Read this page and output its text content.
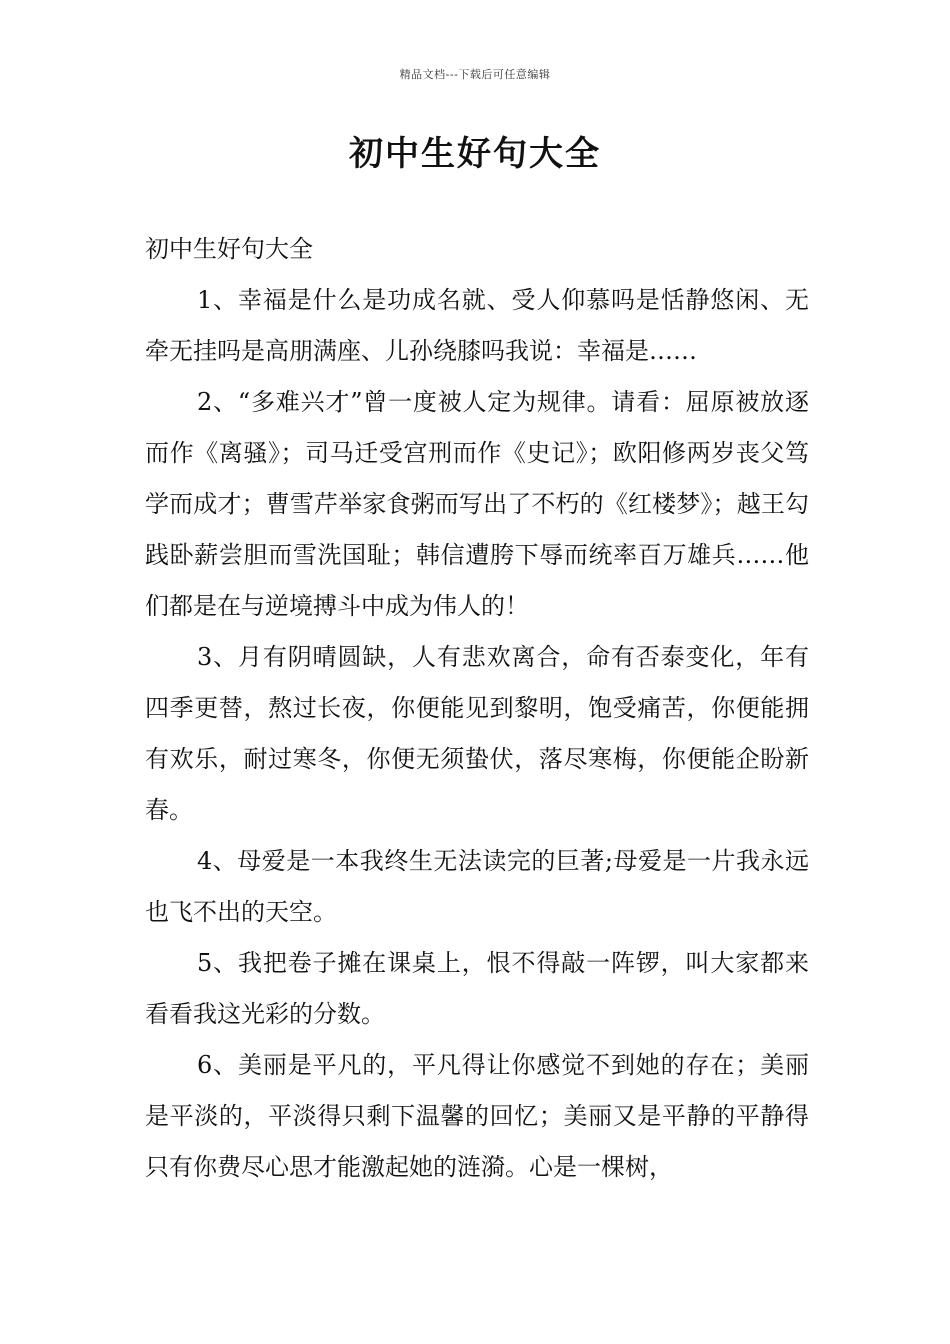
精品文档---下载后可任意编辑
初中生好句大全

初中生好句大全

1、幸福是什么是功成名就、受人仰慕吗是恬静悠闲、无牵无挂吗是高朋满座、儿孙绕膝吗我说：幸福是……

2、“多难兴才”曾一度被人定为规律。请看：屈原被放逐而作《离骚》；司马迁受宫刑而作《史记》；欧阳修两岁丧父笃学而成才；曹雪芹举家食粥而写出了不朽的《红楼梦》；越王勾践卧薪尝胆而雪洗国耻；韩信遭胯下辱而统率百万雄兵……他们都是在与逆境搏斗中成为伟人的！

3、月有阴晴圆缺，人有悲欢离合，命有否泰变化，年有四季更替，熬过长夜，你便能见到黎明，饱受痛苦，你便能拥有欢乐，耐过寒冬，你便无须蛰伏，落尽寒梅，你便能企盼新春。

4、母爱是一本我终生无法读完的巨著;母爱是一片我永远也飞不出的天空。

5、我把卷子摊在课桌上，恨不得敲一阵锣，叫大家都来看看我这光彩的分数。

6、美丽是平凡的，平凡得让你感觉不到她的存在；美丽是平淡的，平淡得只剩下温馨的回忆；美丽又是平静的平静得只有你费尽心思才能激起她的涟漪。心是一棵树，
